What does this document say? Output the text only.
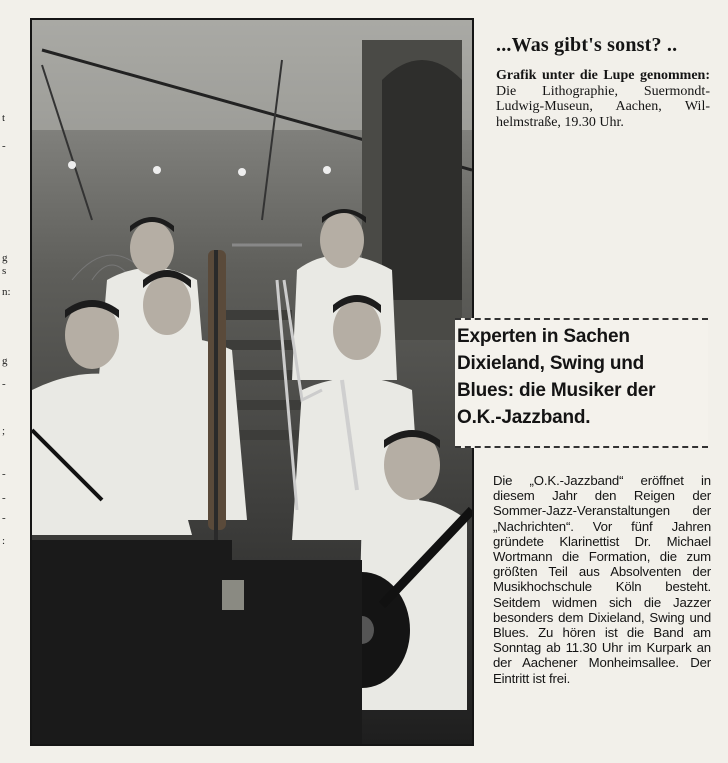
t
-
g
s
n:
g
-
;
-
-
-
:
...Was gibt's sonst? ..
Grafik unter die Lupe genommen: Die Lithographie, Suermondt-Ludwig-Museun, Aachen, Wilhelmstraße, 19.30 Uhr.
Experten in Sachen Dixieland, Swing und Blues: die Musiker der O.K.-Jazzband.
Die „O.K.-Jazzband“ eröffnet in diesem Jahr den Reigen der Sommer-Jazz-Veranstaltungen der „Nachrichten“. Vor fünf Jahren gründete Klarinettist Dr. Michael Wortmann die Formation, die zum größten Teil aus Absolventen der Musikhochschule Köln besteht. Seitdem widmen sich die Jazzer besonders dem Dixieland, Swing und Blues. Zu hören ist die Band am Sonntag ab 11.30 Uhr im Kurpark an der Aachener Monheimsallee. Der Eintritt ist frei.
